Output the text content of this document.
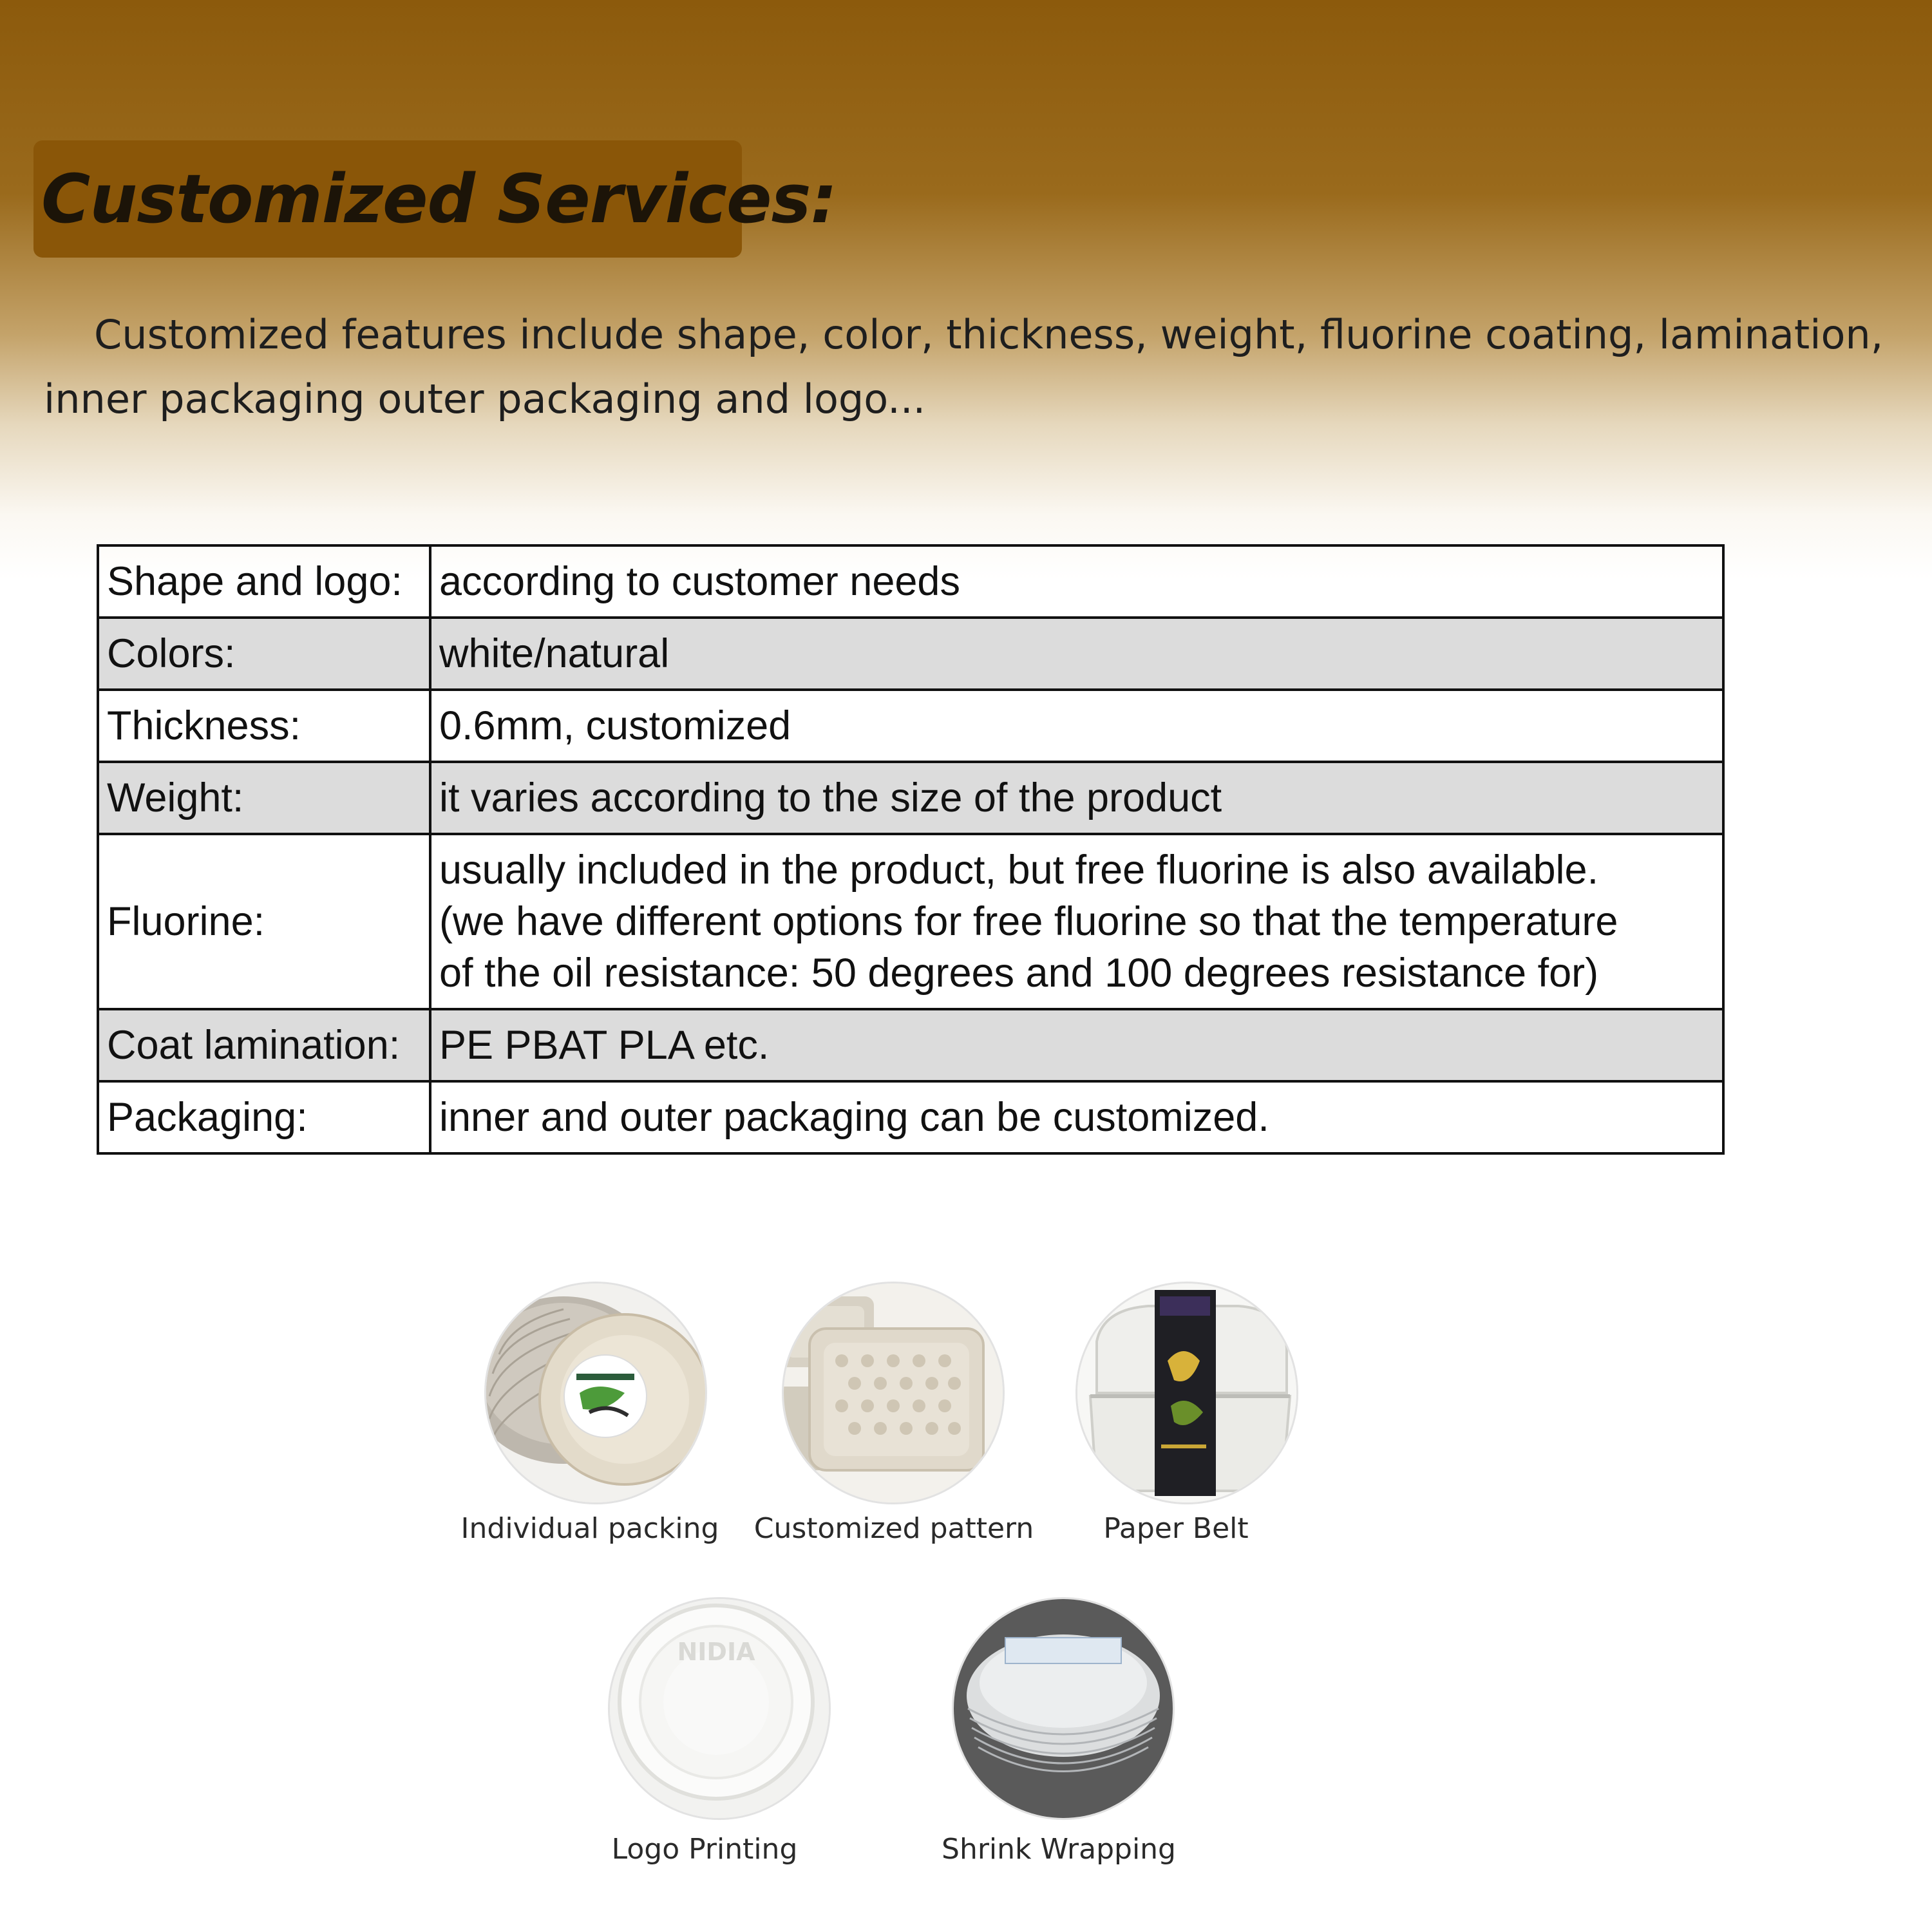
Customized Services:
Customized features include shape, color, thickness, weight, fluorine coating, lamination, inner packaging outer packaging and logo...
Shape and logo:	according to customer needs
Colors:	white/natural
Thickness:	0.6mm, customized
Weight:	it varies according to the size of the product
Fluorine:	usually included in the product, but free fluorine is also available.
(we have different options for free fluorine so that the temperature
of the oil resistance: 50 degrees and 100 degrees resistance for)

Coat lamination:	PE PBAT PLA etc.
Packaging:	inner and outer packaging can be customized.
Individual packing	Customized pattern	Paper Belt
NIDIA
Logo Printing	Shrink Wrapping
